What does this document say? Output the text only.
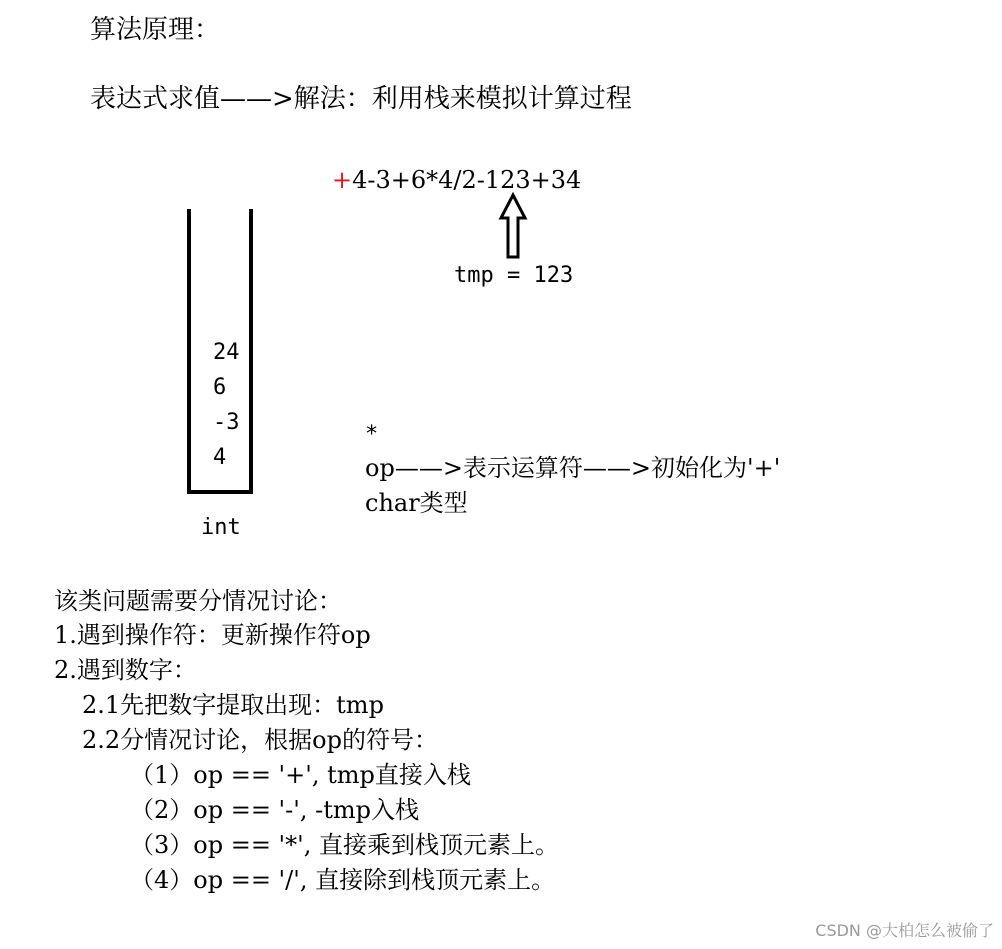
算法原理：
表达式求值——>解法：利用栈来模拟计算过程
+4-3+6*4/2-123+34
tmp = 123
24
6
-3
4
int
*
op——>表示运算符——>初始化为'+'
char类型
该类问题需要分情况讨论：
1.遇到操作符：更新操作符op
2.遇到数字：
2.1先把数字提取出现：tmp
2.2分情况讨论，根据op的符号：
（1）op == '+', tmp直接入栈
（2）op == '-', -tmp入栈
（3）op == '*', 直接乘到栈顶元素上。
（4）op == '/', 直接除到栈顶元素上。
CSDN @大柏怎么被偷了
